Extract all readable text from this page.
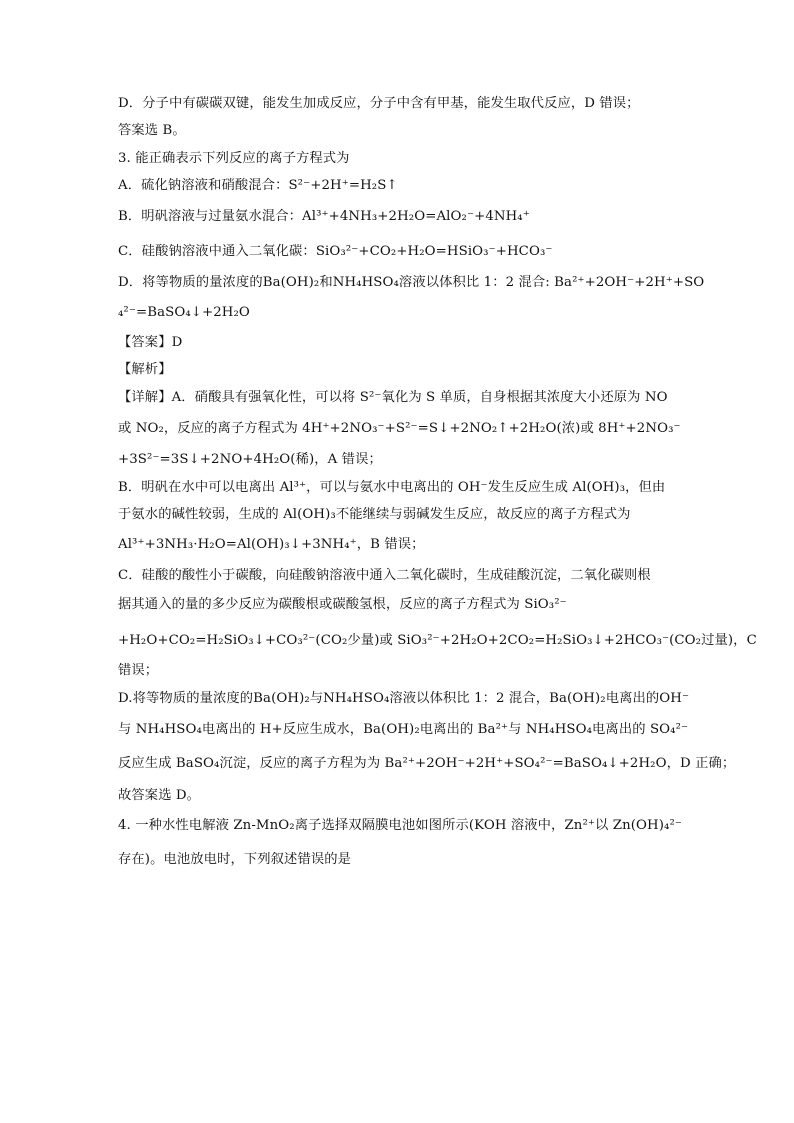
D．分子中有碳碳双键，能发生加成反应，分子中含有甲基，能发生取代反应，D 错误；
答案选 B。
3. 能正确表示下列反应的离子方程式为
A．硫化钠溶液和硝酸混合：S²⁻+2H⁺=H₂S↑
B．明矾溶液与过量氨水混合：Al³⁺+4NH₃+2H₂O=AlO₂⁻+4NH₄⁺
C．硅酸钠溶液中通入二氧化碳：SiO₃²⁻+CO₂+H₂O=HSiO₃⁻+HCO₃⁻
D．将等物质的量浓度的Ba(OH)₂和NH₄HSO₄溶液以体积比 1：2 混合: Ba²⁺+2OH⁻+2H⁺+SO
₄²⁻=BaSO₄↓+2H₂O
【答案】D
【解析】
【详解】A．硝酸具有强氧化性，可以将 S²⁻氧化为 S 单质，自身根据其浓度大小还原为 NO
或 NO₂，反应的离子方程式为 4H⁺+2NO₃⁻+S²⁻=S↓+2NO₂↑+2H₂O(浓)或 8H⁺+2NO₃⁻
+3S²⁻=3S↓+2NO+4H₂O(稀)，A 错误；
B．明矾在水中可以电离出 Al³⁺，可以与氨水中电离出的 OH⁻发生反应生成 Al(OH)₃，但由
于氨水的碱性较弱，生成的 Al(OH)₃不能继续与弱碱发生反应，故反应的离子方程式为
Al³⁺+3NH₃·H₂O=Al(OH)₃↓+3NH₄⁺，B 错误；
C．硅酸的酸性小于碳酸，向硅酸钠溶液中通入二氧化碳时，生成硅酸沉淀，二氧化碳则根
据其通入的量的多少反应为碳酸根或碳酸氢根，反应的离子方程式为 SiO₃²⁻
+H₂O+CO₂=H₂SiO₃↓+CO₃²⁻(CO₂少量)或 SiO₃²⁻+2H₂O+2CO₂=H₂SiO₃↓+2HCO₃⁻(CO₂过量)，C
错误；
D.将等物质的量浓度的Ba(OH)₂与NH₄HSO₄溶液以体积比 1：2 混合，Ba(OH)₂电离出的OH⁻
与 NH₄HSO₄电离出的 H+反应生成水，Ba(OH)₂电离出的 Ba²⁺与 NH₄HSO₄电离出的 SO₄²⁻
反应生成 BaSO₄沉淀，反应的离子方程为为 Ba²⁺+2OH⁻+2H⁺+SO₄²⁻=BaSO₄↓+2H₂O，D 正确；
故答案选 D。
4. 一种水性电解液 Zn-MnO₂离子选择双隔膜电池如图所示(KOH 溶液中，Zn²⁺以 Zn(OH)₄²⁻
存在)。电池放电时，下列叙述错误的是
